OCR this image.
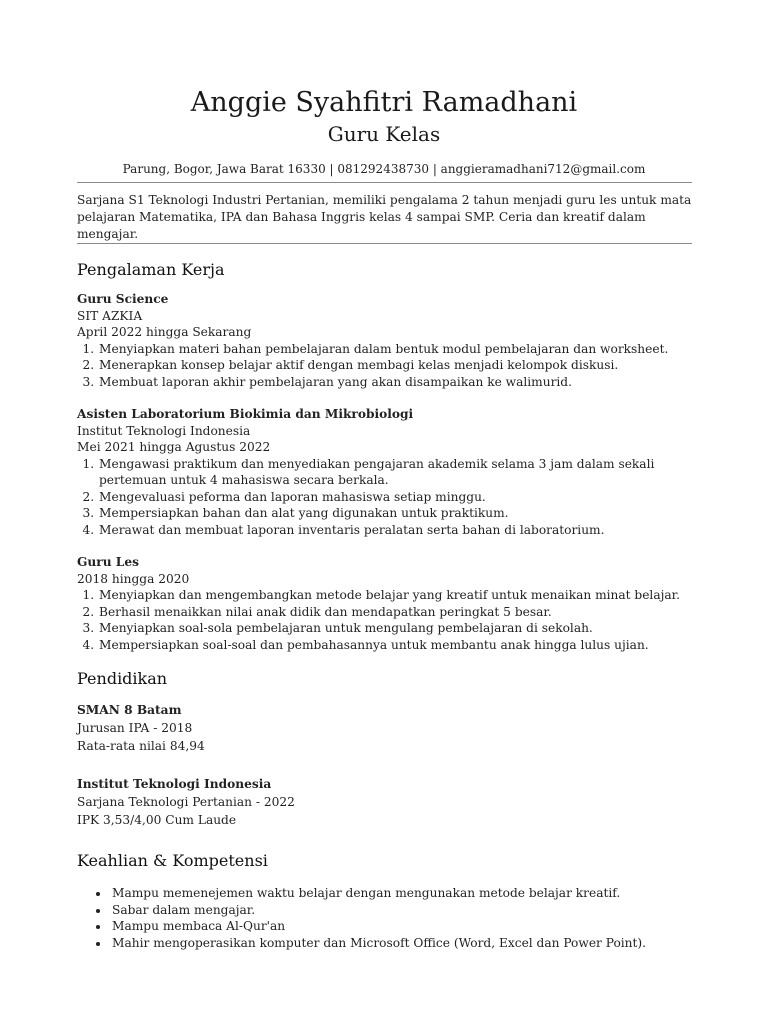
Anggie Syahfitri Ramadhani
Guru Kelas
Parung, Bogor, Jawa Barat 16330 | 081292438730 | anggieramadhani712@gmail.com
Sarjana S1 Teknologi Industri Pertanian, memiliki pengalama 2 tahun menjadi guru les untuk mata pelajaran Matematika, IPA dan Bahasa Inggris kelas 4 sampai SMP. Ceria dan kreatif dalam mengajar.
Pengalaman Kerja
Guru Science
SIT AZKIA
April 2022 hingga Sekarang
1. Menyiapkan materi bahan pembelajaran dalam bentuk modul pembelajaran dan worksheet.
2. Menerapkan konsep belajar aktif dengan membagi kelas menjadi kelompok diskusi.
3. Membuat laporan akhir pembelajaran yang akan disampaikan ke walimurid.
Asisten Laboratorium Biokimia dan Mikrobiologi
Institut Teknologi Indonesia
Mei 2021 hingga Agustus 2022
1. Mengawasi praktikum dan menyediakan pengajaran akademik selama 3 jam dalam sekali pertemuan untuk 4 mahasiswa secara berkala.
2. Mengevaluasi peforma dan laporan mahasiswa setiap minggu.
3. Mempersiapkan bahan dan alat yang digunakan untuk praktikum.
4. Merawat dan membuat laporan inventaris peralatan serta bahan di laboratorium.
Guru Les
2018 hingga 2020
1. Menyiapkan dan mengembangkan metode belajar yang kreatif untuk menaikan minat belajar.
2. Berhasil menaikkan nilai anak didik dan mendapatkan peringkat 5 besar.
3. Menyiapkan soal-sola pembelajaran untuk mengulang pembelajaran di sekolah.
4. Mempersiapkan soal-soal dan pembahasannya untuk membantu anak hingga lulus ujian.
Pendidikan
SMAN 8 Batam
Jurusan IPA - 2018
Rata-rata nilai 84,94
Institut Teknologi Indonesia
Sarjana Teknologi Pertanian - 2022
IPK 3,53/4,00 Cum Laude
Keahlian & Kompetensi
• Mampu memenejemen waktu belajar dengan mengunakan metode belajar kreatif.
• Sabar dalam mengajar.
• Mampu membaca Al-Qur'an
• Mahir mengoperasikan komputer dan Microsoft Office (Word, Excel dan Power Point).
